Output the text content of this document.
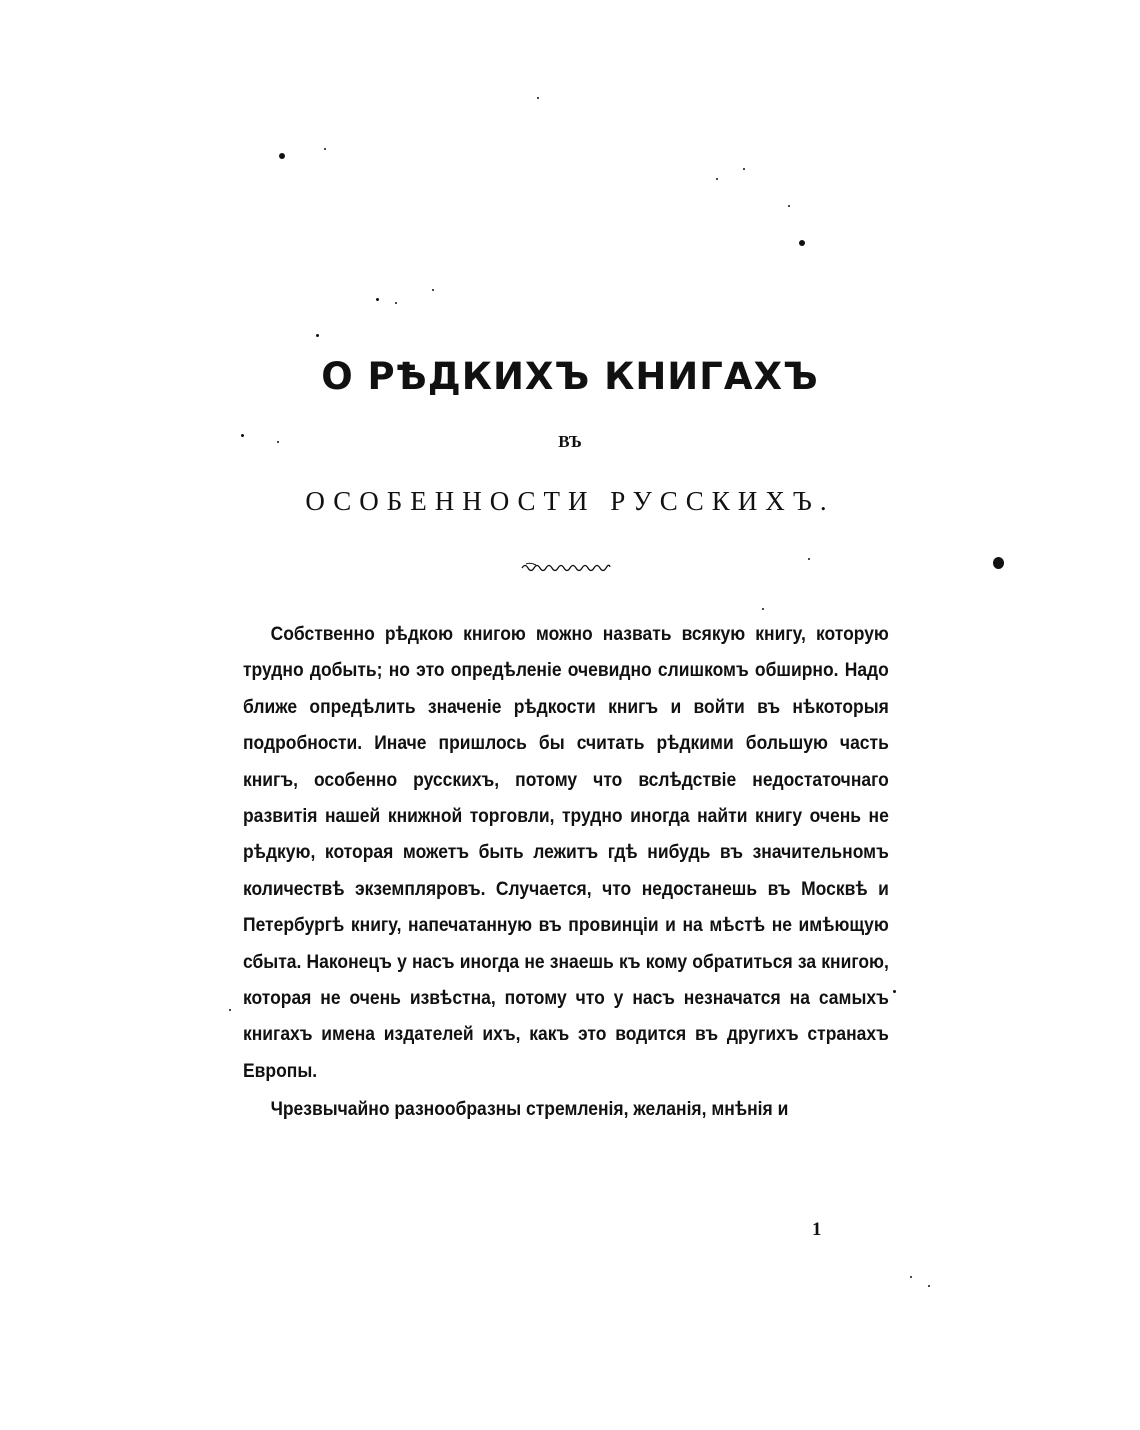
О РѢДКИХЪ КНИГАХЪ
ВЪ
ОСОБЕННОСТИ РУССКИХЪ.

Собственно рѣдкою книгою можно назвать всякую книгу, которую трудно добыть; но это опредѣленіе очевидно слишкомъ обширно. Надо ближе опредѣлить значеніе рѣдкости книгъ и войти въ нѣкоторыя подробности. Иначе пришлось бы считать рѣдкими большую часть книгъ, особенно русскихъ, потому что вслѣдствіе недостаточнаго развитія нашей книжной торговли, трудно иногда найти книгу очень не рѣдкую, которая можетъ быть лежитъ гдѣ нибудь въ значительномъ количествѣ экземпляровъ. Случается, что недостанешь въ Москвѣ и Петербургѣ книгу, напечатанную въ провинціи и на мѣстѣ не имѣющую сбыта. Наконецъ у насъ иногда не знаешь къ кому обратиться за книгою, которая не очень извѣстна, потому что у насъ незначатся на самыхъ книгахъ имена издателей ихъ, какъ это водится въ другихъ странахъ Европы.

Чрезвычайно разнообразны стремленія, желанія, мнѣнія и

1
